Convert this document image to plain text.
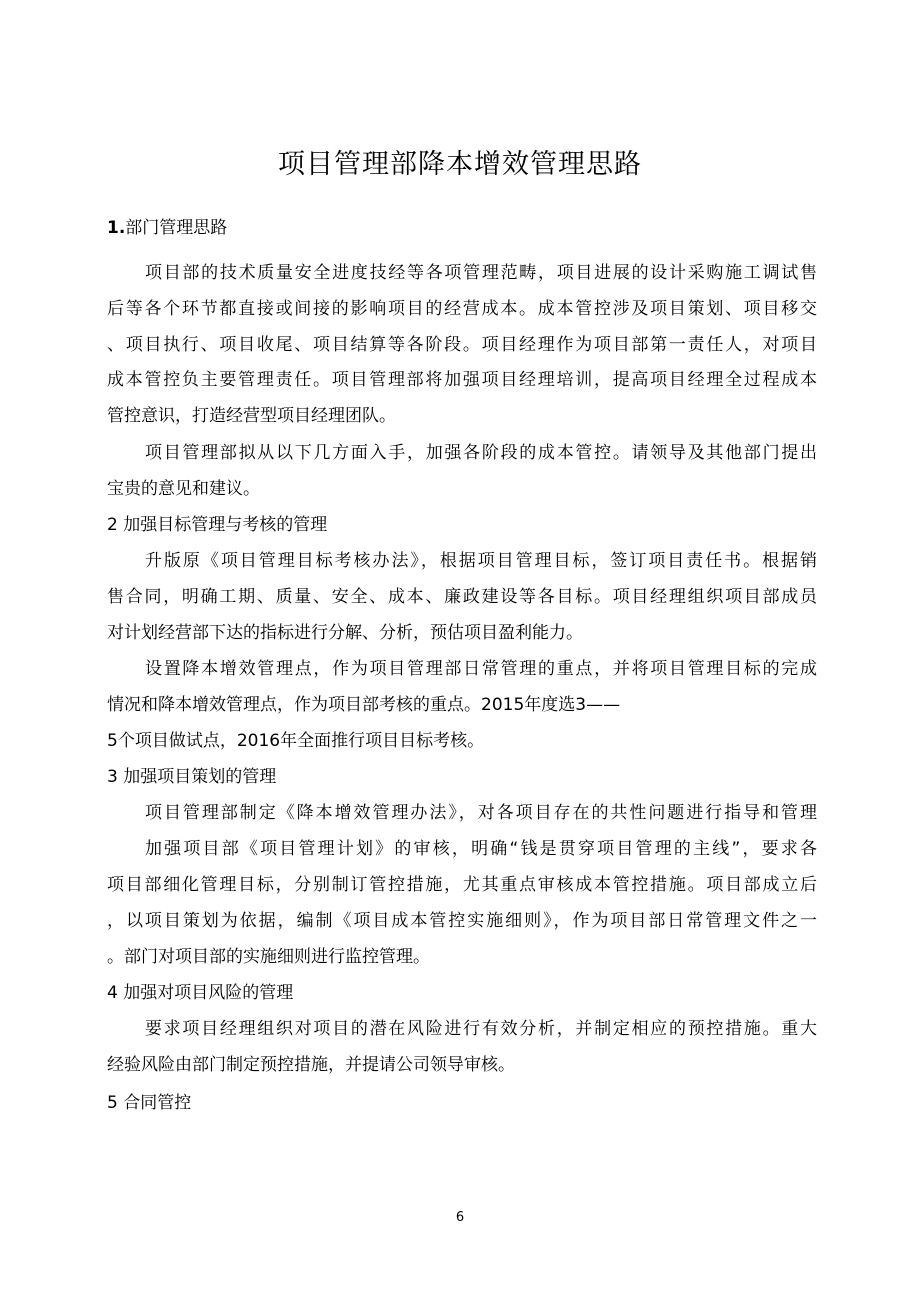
项目管理部降本增效管理思路
1.部门管理思路
项目部的技术质量安全进度技经等各项管理范畴，项目进展的设计采购施工调试售
后等各个环节都直接或间接的影响项目的经营成本。成本管控涉及项目策划、项目移交
、项目执行、项目收尾、项目结算等各阶段。项目经理作为项目部第一责任人，对项目
成本管控负主要管理责任。项目管理部将加强项目经理培训，提高项目经理全过程成本
管控意识，打造经营型项目经理团队。
项目管理部拟从以下几方面入手，加强各阶段的成本管控。请领导及其他部门提出
宝贵的意见和建议。
2 加强目标管理与考核的管理
升版原《项目管理目标考核办法》，根据项目管理目标，签订项目责任书。根据销
售合同，明确工期、质量、安全、成本、廉政建设等各目标。项目经理组织项目部成员
对计划经营部下达的指标进行分解、分析，预估项目盈利能力。
设置降本增效管理点，作为项目管理部日常管理的重点，并将项目管理目标的完成
情况和降本增效管理点，作为项目部考核的重点。2015年度选3——
5个项目做试点，2016年全面推行项目目标考核。
3 加强项目策划的管理
项目管理部制定《降本增效管理办法》，对各项目存在的共性问题进行指导和管理
加强项目部《项目管理计划》的审核，明确“钱是贯穿项目管理的主线”，要求各
项目部细化管理目标，分别制订管控措施，尤其重点审核成本管控措施。项目部成立后
，以项目策划为依据，编制《项目成本管控实施细则》，作为项目部日常管理文件之一
。部门对项目部的实施细则进行监控管理。
4 加强对项目风险的管理
要求项目经理组织对项目的潜在风险进行有效分析，并制定相应的预控措施。重大
经验风险由部门制定预控措施，并提请公司领导审核。
5 合同管控
6
